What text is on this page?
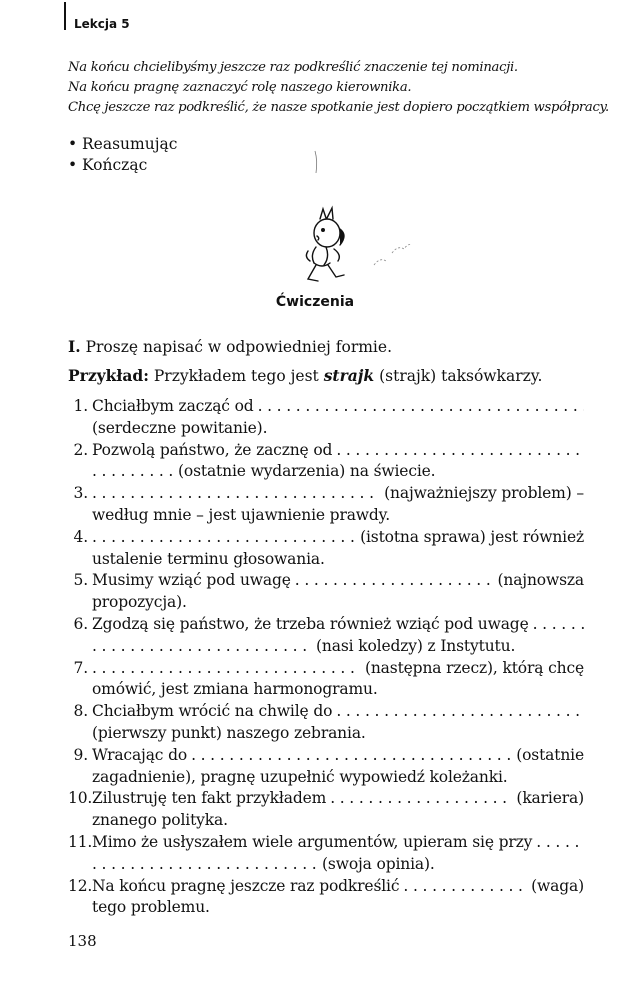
$_{Lekcja 5}$
Na końcu chcielibyśmy jeszcze raz podkreślić znaczenie tej nominacji.
Na końcu pragnę zaznaczyć rolę naszego kierownika.
Chcę jeszcze raz podkreślić, że nasze spotkanie jest dopiero początkiem współpracy.
• Reasumując
• Kończąc
Ćwiczenia
I. Proszę napisać w odpowiedniej formie.
Przykład: Przykładem tego jest strajk (strajk) taksówkarzy.
1. Chciałbym zacząć od
. . .
(serdeczne powitanie).
2. Pozwolą państwo, że zacznę od
. . .
. . .
(ostatnie wydarzenia) na świecie.
3. . . .	(najważniejszy problem) –
według mnie – jest ujawnienie prawdy.
4. . . .	(istotna sprawa) jest również
ustalenie terminu głosowania.
5. Musimy wziąć pod uwagę . . .	(najnowsza
propozycja).
6. Zgodzą się państwo, że trzeba również wziąć pod uwagę
. . .
. . .
(nasi koledzy) z Instytutu.
7. . . .	(następna rzecz), którą chcę
omówić, jest zmiana harmonogramu.
8. Chciałbym wrócić na chwilę do
. . .
(pierwszy punkt) naszego zebrania.
9. Wracając do . . .	(ostatnie
zagadnienie), pragnę uzupełnić wypowiedź koleżanki.
10. Zilustruję ten fakt przykładem . . .	(kariera)
znanego polityka.
11. Mimo że usłyszałem wiele argumentów, upieram się przy
. . .
. . .
(swoja opinia).
12. Na końcu pragnę jeszcze raz podkreślić . . .	(waga)
tego problemu.
138
